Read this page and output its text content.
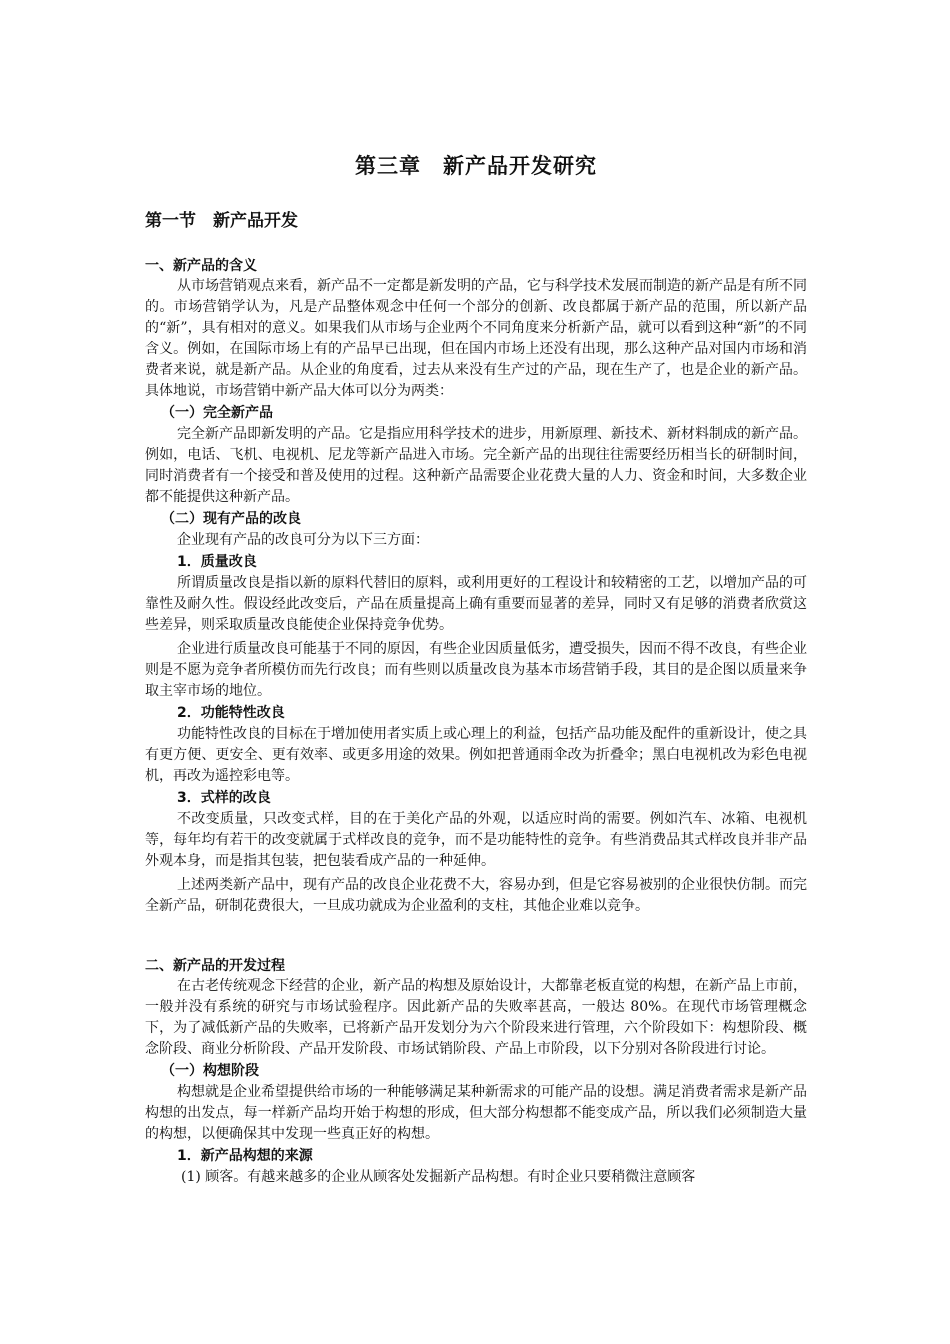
第三章　新产品开发研究
第一节　新产品开发
一、新产品的含义

从市场营销观点来看，新产品不一定都是新发明的产品，它与科学技术发展而制造的新产品是有所不同的。市场营销学认为，凡是产品整体观念中任何一个部分的创新、改良都属于新产品的范围，所以新产品的“新”，具有相对的意义。如果我们从市场与企业两个不同角度来分析新产品，就可以看到这种“新”的不同含义。例如，在国际市场上有的产品早已出现，但在国内市场上还没有出现，那么这种产品对国内市场和消费者来说，就是新产品。从企业的角度看，过去从来没有生产过的产品，现在生产了，也是企业的新产品。具体地说，市场营销中新产品大体可以分为两类：

（一）完全新产品

完全新产品即新发明的产品。它是指应用科学技术的进步，用新原理、新技术、新材料制成的新产品。例如，电话、飞机、电视机、尼龙等新产品进入市场。完全新产品的出现往往需要经历相当长的研制时间，同时消费者有一个接受和普及使用的过程。这种新产品需要企业花费大量的人力、资金和时间，大多数企业都不能提供这种新产品。

（二）现有产品的改良

企业现有产品的改良可分为以下三方面：

1．质量改良

所谓质量改良是指以新的原料代替旧的原料，或利用更好的工程设计和较精密的工艺，以增加产品的可靠性及耐久性。假设经此改变后，产品在质量提高上确有重要而显著的差异，同时又有足够的消费者欣赏这些差异，则采取质量改良能使企业保持竞争优势。

企业进行质量改良可能基于不同的原因，有些企业因质量低劣，遭受损失，因而不得不改良，有些企业则是不愿为竞争者所模仿而先行改良；而有些则以质量改良为基本市场营销手段，其目的是企图以质量来争取主宰市场的地位。

2．功能特性改良

功能特性改良的目标在于增加使用者实质上或心理上的利益，包括产品功能及配件的重新设计，使之具有更方便、更安全、更有效率、或更多用途的效果。例如把普通雨伞改为折叠伞；黑白电视机改为彩色电视机，再改为遥控彩电等。

3．式样的改良

不改变质量，只改变式样，目的在于美化产品的外观，以适应时尚的需要。例如汽车、冰箱、电视机等，每年均有若干的改变就属于式样改良的竞争，而不是功能特性的竞争。有些消费品其式样改良并非产品外观本身，而是指其包装，把包装看成产品的一种延伸。

上述两类新产品中，现有产品的改良企业花费不大，容易办到，但是它容易被别的企业很快仿制。而完全新产品，研制花费很大，一旦成功就成为企业盈利的支柱，其他企业难以竞争。

二、新产品的开发过程

在古老传统观念下经营的企业，新产品的构想及原始设计，大都靠老板直觉的构想，在新产品上市前，一般并没有系统的研究与市场试验程序。因此新产品的失败率甚高，一般达 80%。在现代市场管理概念下，为了减低新产品的失败率，已将新产品开发划分为六个阶段来进行管理，六个阶段如下：构想阶段、概念阶段、商业分析阶段、产品开发阶段、市场试销阶段、产品上市阶段，以下分别对各阶段进行讨论。

（一）构想阶段

构想就是企业希望提供给市场的一种能够满足某种新需求的可能产品的设想。满足消费者需求是新产品构想的出发点，每一样新产品均开始于构想的形成，但大部分构想都不能变成产品，所以我们必须制造大量的构想，以便确保其中发现一些真正好的构想。

1．新产品构想的来源

(1) 顾客。有越来越多的企业从顾客处发掘新产品构想。有时企业只要稍微注意顾客
